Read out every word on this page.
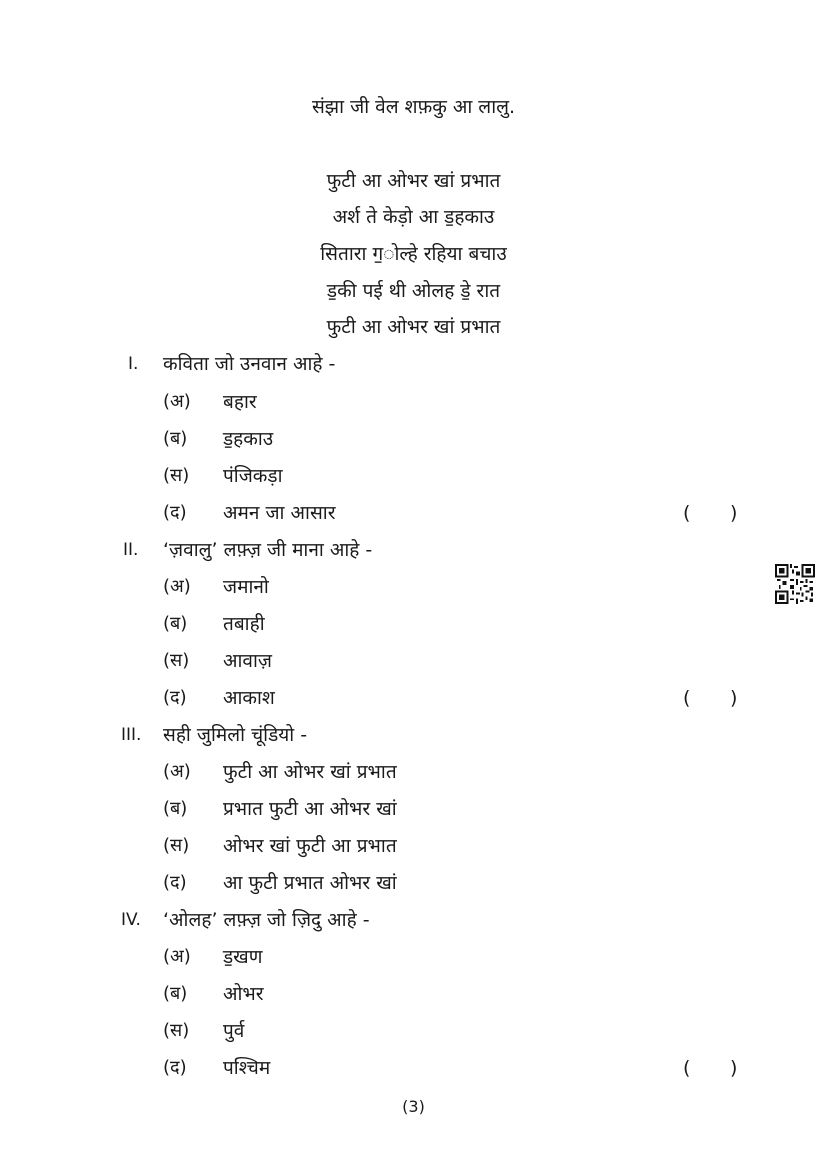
संझा जी वेल शफ़कु आ लालु.
फुटी आ ओभर खां प्रभात
अर्श ते केड़ो आ ड॒हकाउ
सितारा ग॒ोल्हे रहिया बचाउ
ड॒की पई थी ओलह डे॒ रात
फुटी आ ओभर खां प्रभात
I. कविता जो उनवान आहे -
(अ) बहार
(ब) ड॒हकाउ
(स) पंजिकड़ा
(द) अमन जा आसार	( )
II. ‘ज़वालु’ लफ़्ज़ जी माना आहे -
(अ) जमानो
(ब) तबाही
(स) आवाज़
(द) आकाश	( )
III. सही जुमिलो चूंडियो -
(अ) फुटी आ ओभर खां प्रभात
(ब) प्रभात फुटी आ ओभर खां
(स) ओभर खां फुटी आ प्रभात
(द) आ फुटी प्रभात ओभर खां
IV. ‘ओलह’ लफ़्ज़ जो ज़िदु आहे -
(अ) ड॒खण
(ब) ओभर
(स) पुर्व
(द) पश्चिम	( )
(3)
